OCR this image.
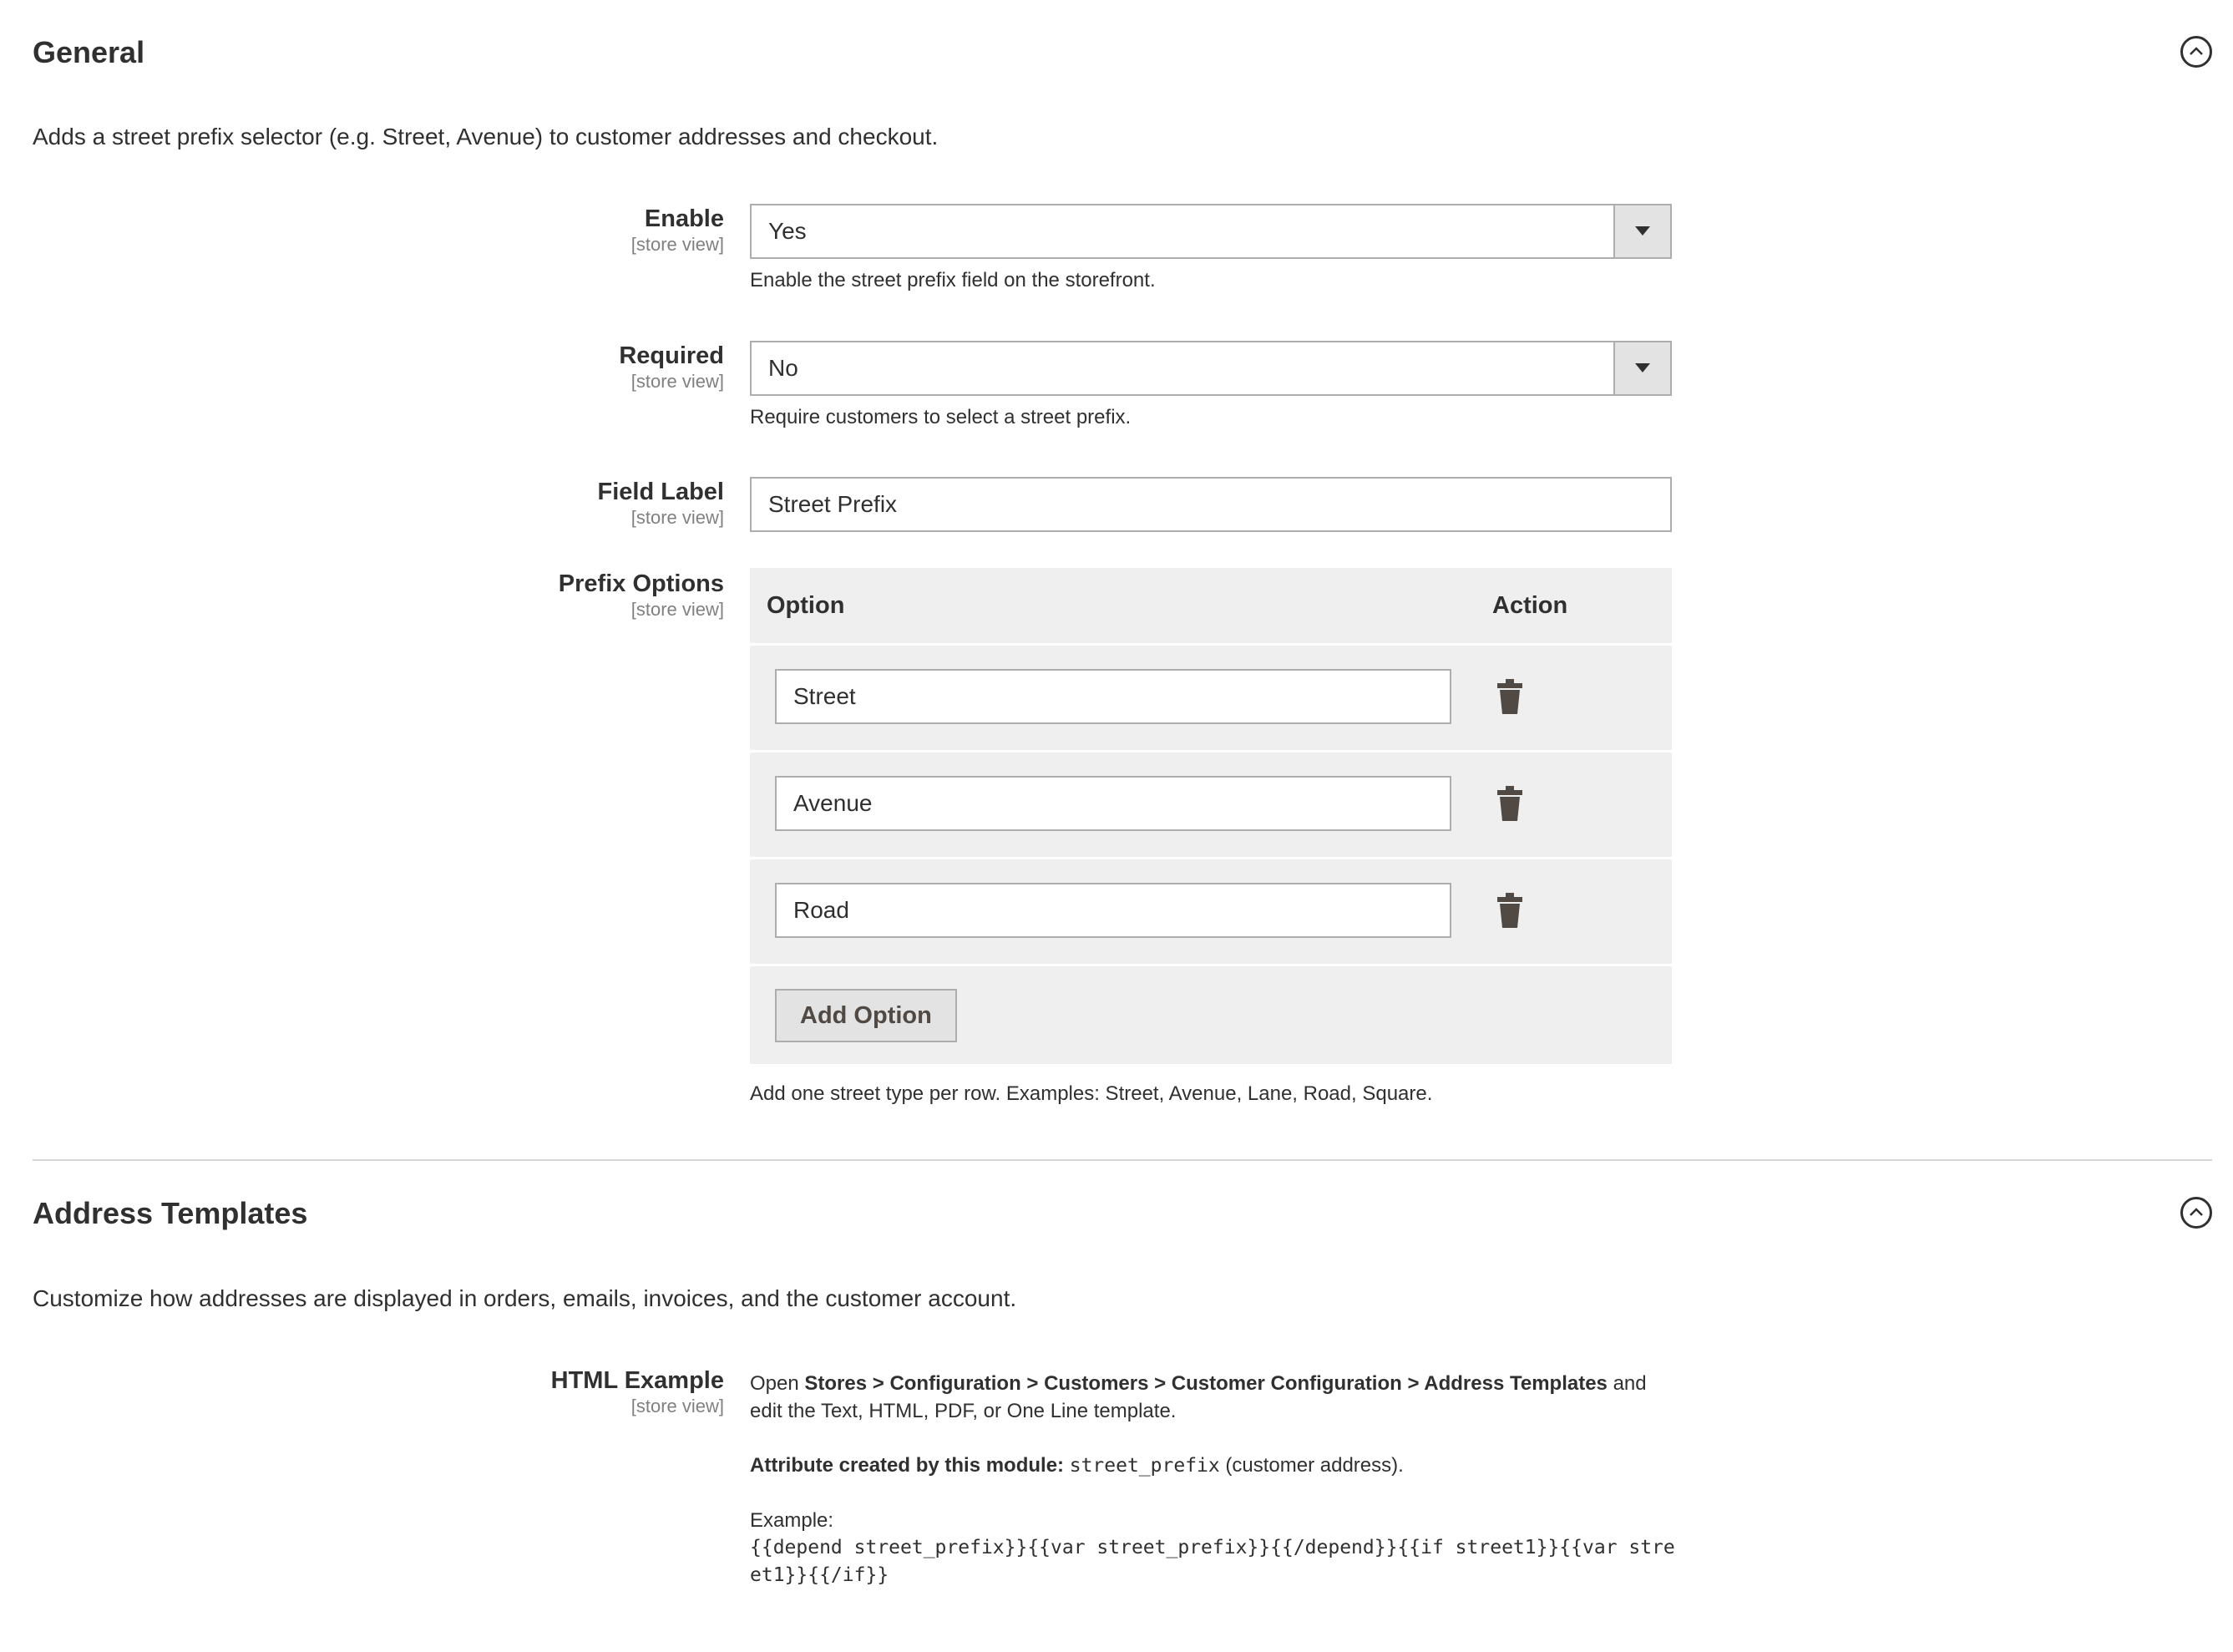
General
Adds a street prefix selector (e.g. Street, Avenue) to customer addresses and checkout.
Enable
[store view]
Yes
Enable the street prefix field on the storefront.
Required
[store view]
No
Require customers to select a street prefix.
Field Label
[store view]
Street Prefix
Prefix Options
[store view] Option	Action
Street
Avenue
Road
Add Option
Add one street type per row. Examples: Street, Avenue, Lane, Road, Square.
Address Templates
Customize how addresses are displayed in orders, emails, invoices, and the customer account.
HTML Example
[store view]

Open Stores > Configuration > Customers > Customer Configuration > Address Templates and edit the Text, HTML, PDF, or One Line template.

Attribute created by this module: street_prefix (customer address).

Example:
{{depend street_prefix}}{{var street_prefix}}{{/depend}}{{if street1}}{{var street1}}{{/if}}
